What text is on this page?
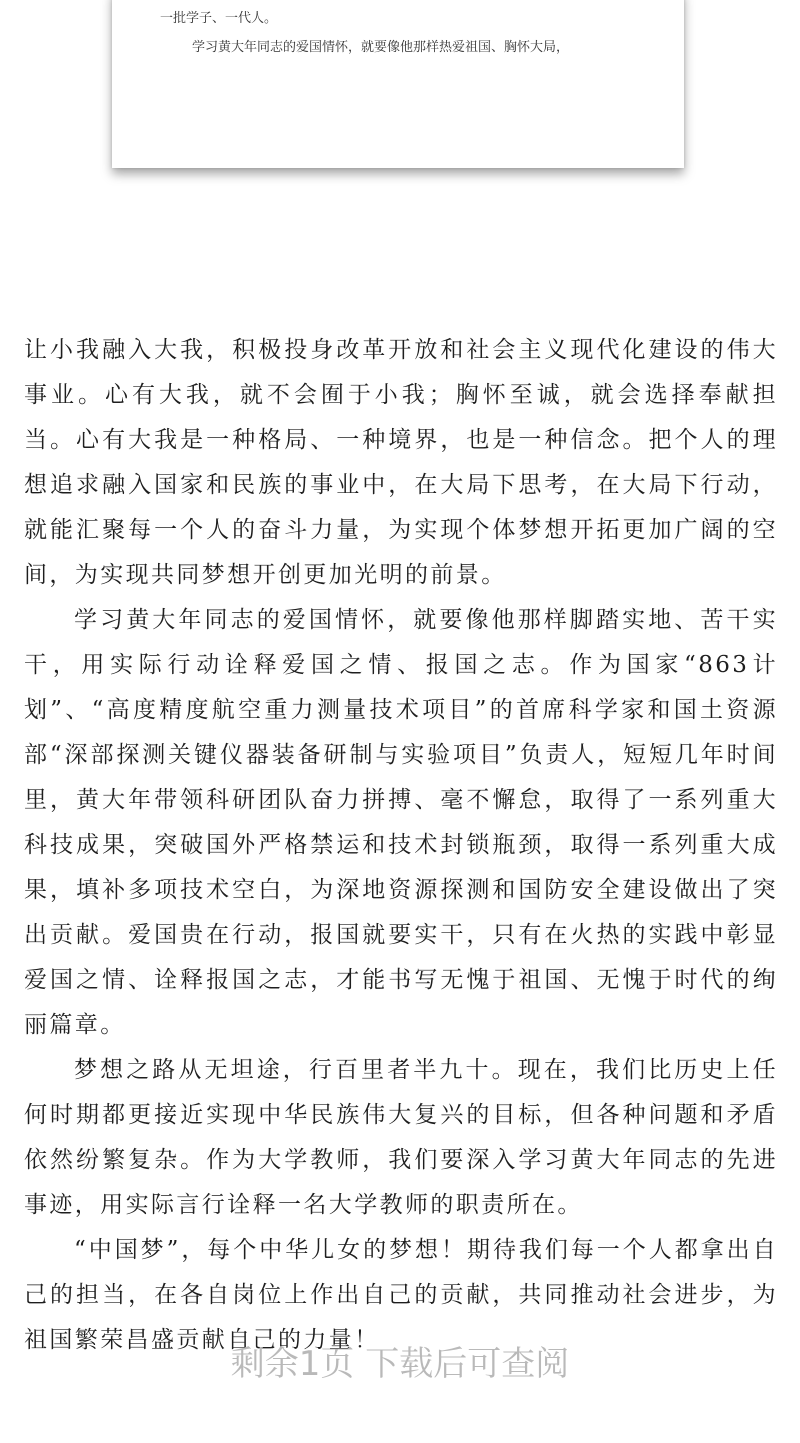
一批学子、一代人。
学习黄大年同志的爱国情怀，就要像他那样热爱祖国、胸怀大局，

让小我融入大我，积极投身改革开放和社会主义现代化建设的伟大事业。心有大我，就不会囿于小我；胸怀至诚，就会选择奉献担当。心有大我是一种格局、一种境界，也是一种信念。把个人的理想追求融入国家和民族的事业中，在大局下思考，在大局下行动，就能汇聚每一个人的奋斗力量，为实现个体梦想开拓更加广阔的空间，为实现共同梦想开创更加光明的前景。

学习黄大年同志的爱国情怀，就要像他那样脚踏实地、苦干实干，用实际行动诠释爱国之情、报国之志。作为国家“863计划”、“高度精度航空重力测量技术项目”的首席科学家和国土资源部“深部探测关键仪器装备研制与实验项目”负责人，短短几年时间里，黄大年带领科研团队奋力拼搏、毫不懈怠，取得了一系列重大科技成果，突破国外严格禁运和技术封锁瓶颈，取得一系列重大成果，填补多项技术空白，为深地资源探测和国防安全建设做出了突出贡献。爱国贵在行动，报国就要实干，只有在火热的实践中彰显爱国之情、诠释报国之志，才能书写无愧于祖国、无愧于时代的绚丽篇章。

梦想之路从无坦途，行百里者半九十。现在，我们比历史上任何时期都更接近实现中华民族伟大复兴的目标，但各种问题和矛盾依然纷繁复杂。作为大学教师，我们要深入学习黄大年同志的先进事迹，用实际言行诠释一名大学教师的职责所在。

“中国梦”，每个中华儿女的梦想！期待我们每一个人都拿出自己的担当，在各自岗位上作出自己的贡献，共同推动社会进步，为祖国繁荣昌盛贡献自己的力量！

剩余1页 下载后可查阅
